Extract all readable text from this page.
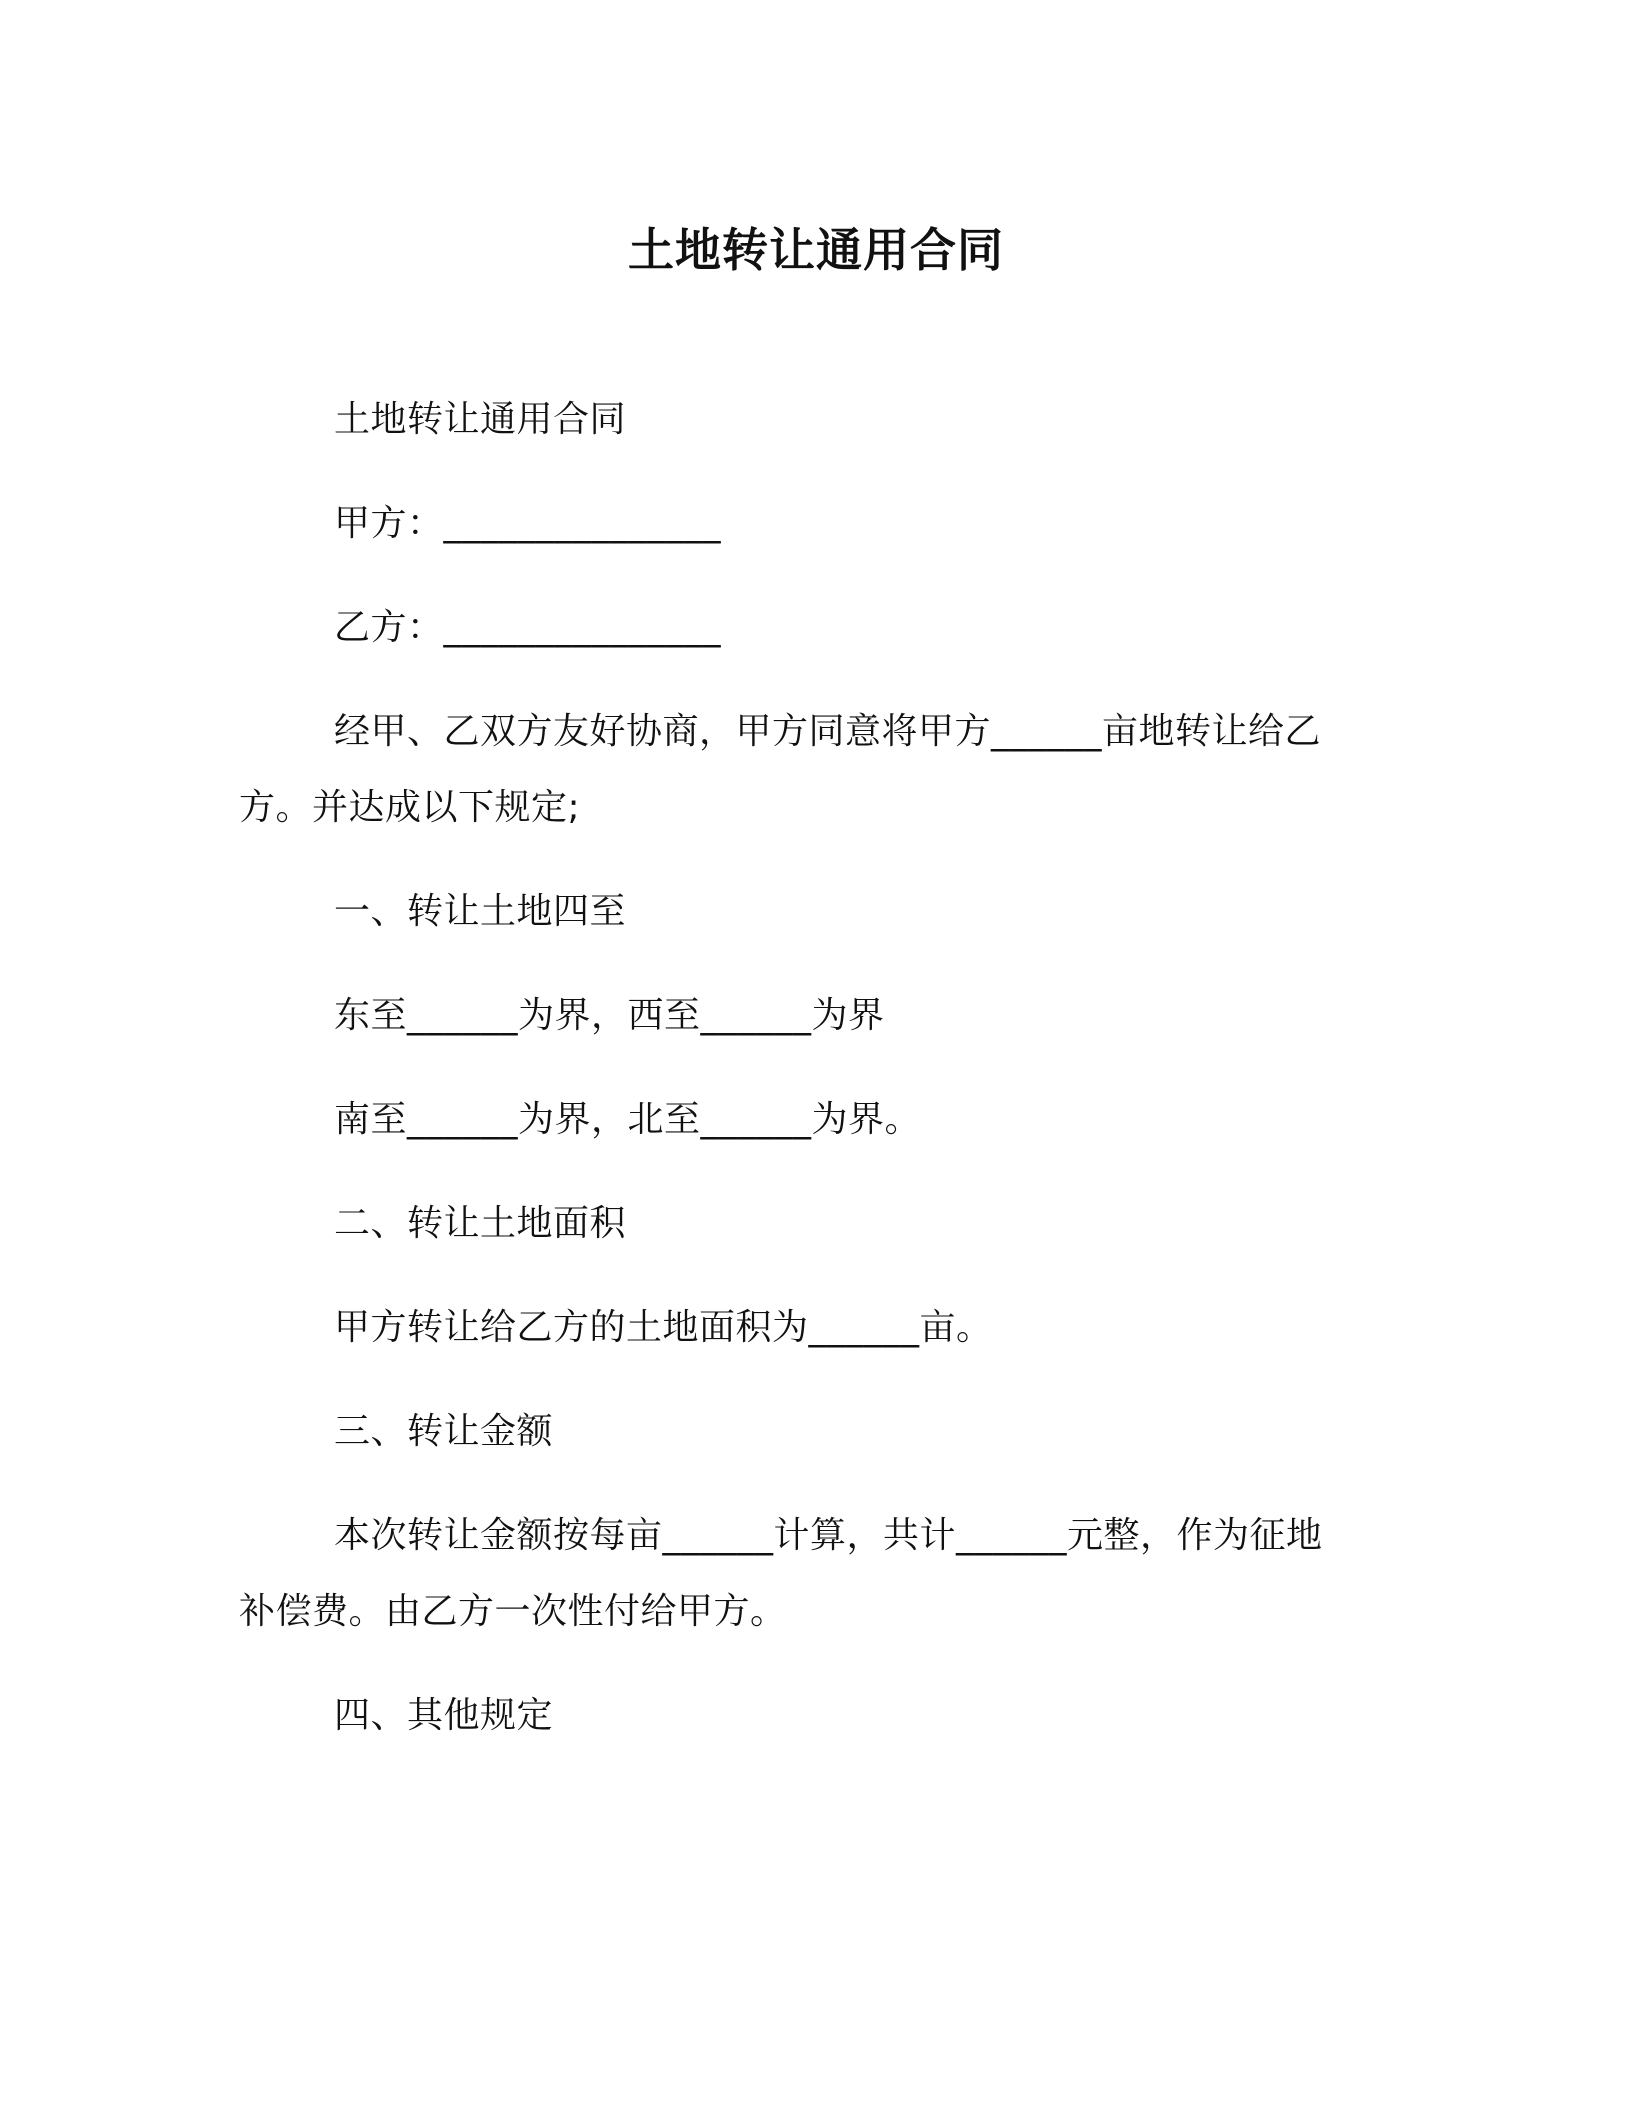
土地转让通用合同
土地转让通用合同
甲方：_______________
乙方：_______________
经甲、乙双方友好协商，甲方同意将甲方______亩地转让给乙
方。并达成以下规定;
一、转让土地四至
东至______为界，西至______为界
南至______为界，北至______为界。
二、转让土地面积
甲方转让给乙方的土地面积为______亩。
三、转让金额
本次转让金额按每亩______计算，共计______元整，作为征地
补偿费。由乙方一次性付给甲方。
四、其他规定
